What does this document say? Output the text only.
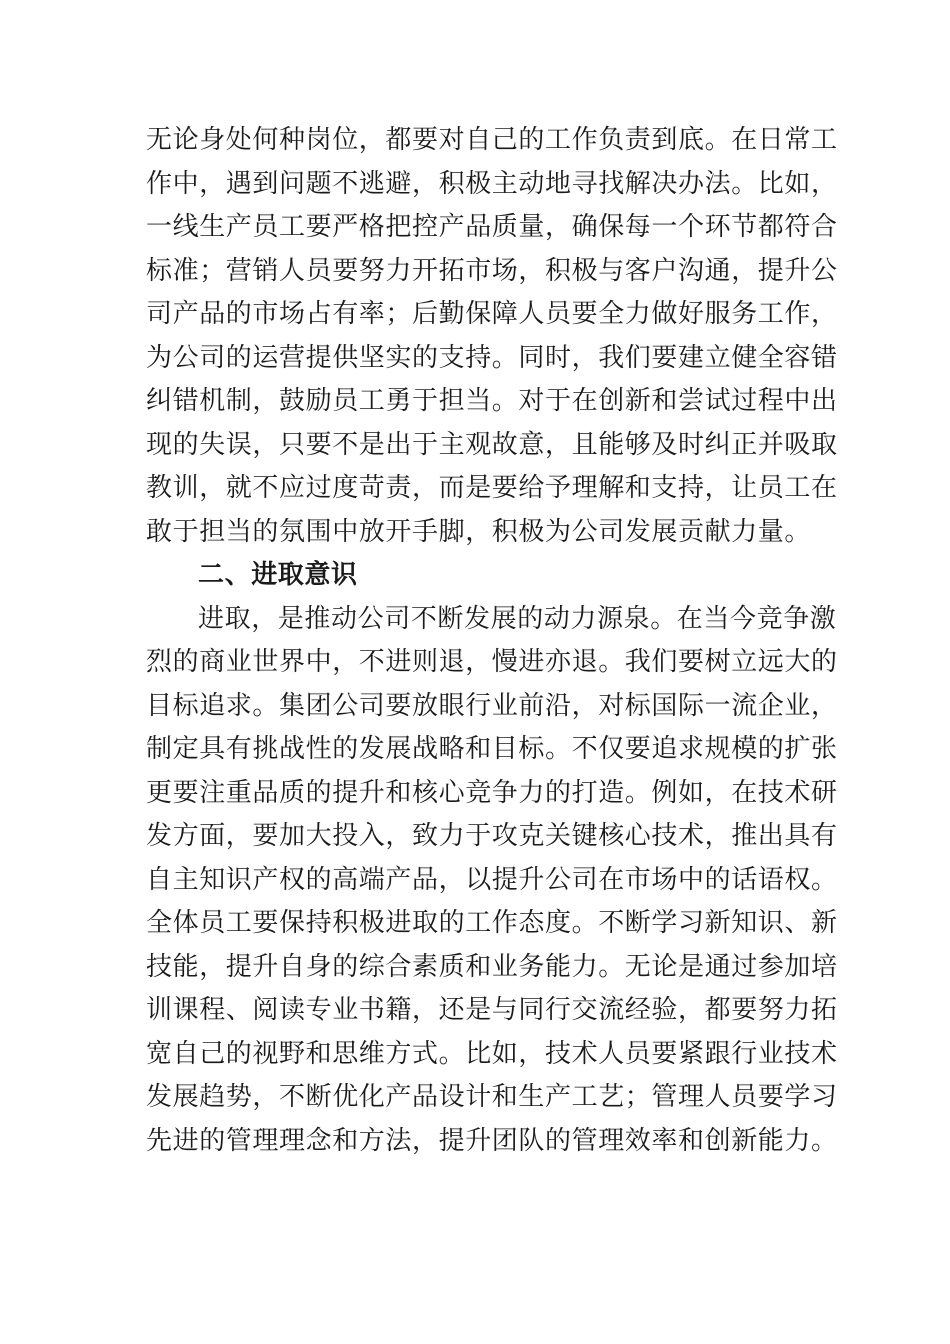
无论身处何种岗位，都要对自己的工作负责到底。在日常工
作中，遇到问题不逃避，积极主动地寻找解决办法。比如，
一线生产员工要严格把控产品质量，确保每一个环节都符合
标准；营销人员要努力开拓市场，积极与客户沟通，提升公
司产品的市场占有率；后勤保障人员要全力做好服务工作，
为公司的运营提供坚实的支持。同时，我们要建立健全容错
纠错机制，鼓励员工勇于担当。对于在创新和尝试过程中出
现的失误，只要不是出于主观故意，且能够及时纠正并吸取
教训，就不应过度苛责，而是要给予理解和支持，让员工在
敢于担当的氛围中放开手脚，积极为公司发展贡献力量。
二、进取意识
进取，是推动公司不断发展的动力源泉。在当今竞争激
烈的商业世界中，不进则退，慢进亦退。我们要树立远大的
目标追求。集团公司要放眼行业前沿，对标国际一流企业，
制定具有挑战性的发展战略和目标。不仅要追求规模的扩张
更要注重品质的提升和核心竞争力的打造。例如，在技术研
发方面，要加大投入，致力于攻克关键核心技术，推出具有
自主知识产权的高端产品，以提升公司在市场中的话语权。
全体员工要保持积极进取的工作态度。不断学习新知识、新
技能，提升自身的综合素质和业务能力。无论是通过参加培
训课程、阅读专业书籍，还是与同行交流经验，都要努力拓
宽自己的视野和思维方式。比如，技术人员要紧跟行业技术
发展趋势，不断优化产品设计和生产工艺；管理人员要学习
先进的管理理念和方法，提升团队的管理效率和创新能力。
